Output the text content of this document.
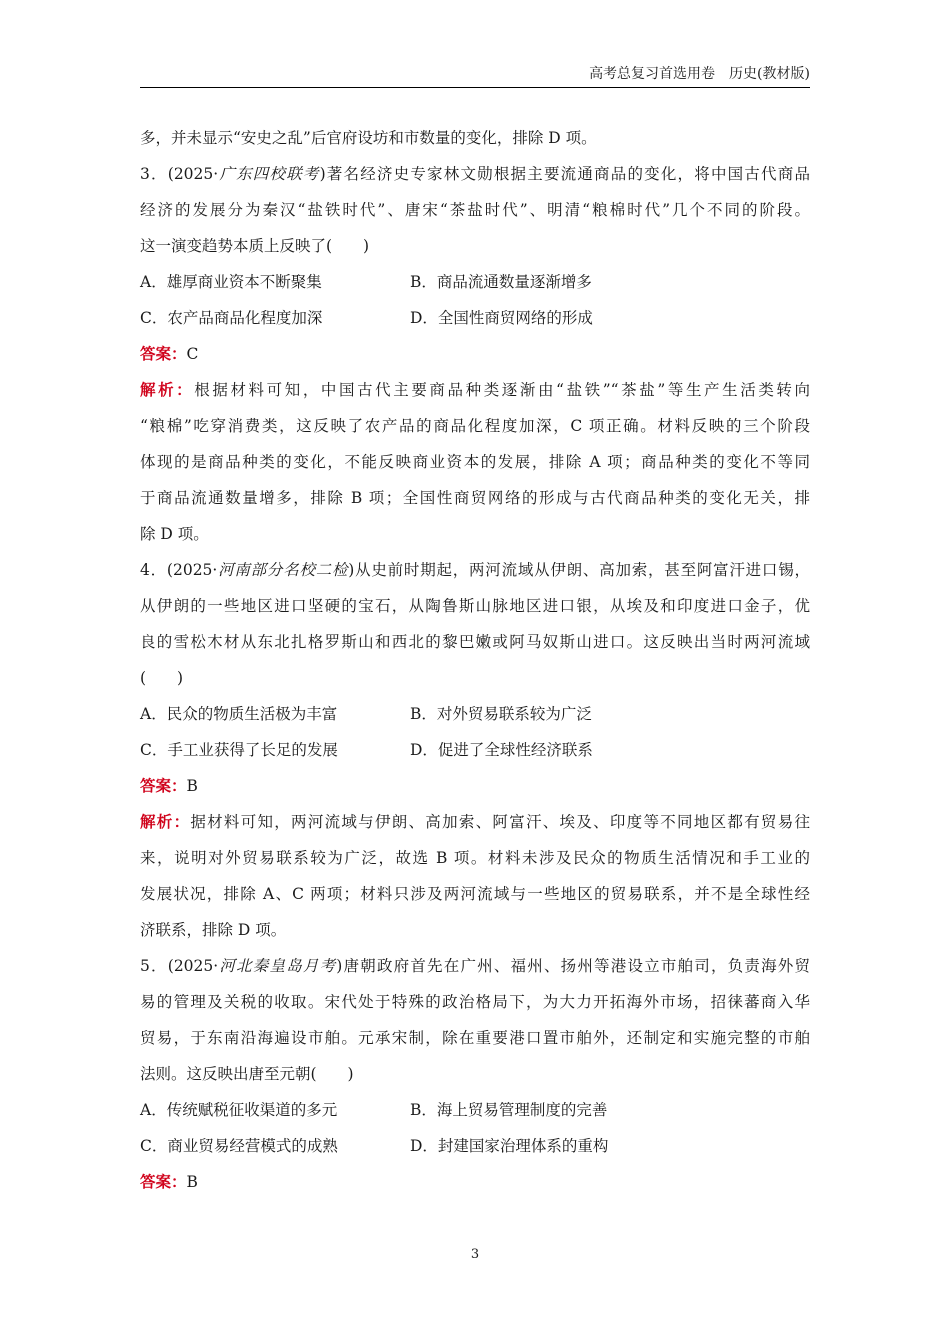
高考总复习首选用卷　历史(教材版)
多，并未显示“安史之乱”后官府设坊和市数量的变化，排除 D 项。
3．(2025·广东四校联考)著名经济史专家林文勋根据主要流通商品的变化，将中国古代商品
经济的发展分为秦汉“盐铁时代”、唐宋“茶盐时代”、明清“粮棉时代”几个不同的阶段。
这一演变趋势本质上反映了(　　)
A．雄厚商业资本不断聚集	B．商品流通数量逐渐增多
C．农产品商品化程度加深	D．全国性商贸网络的形成
答案：C
解析：根据材料可知，中国古代主要商品种类逐渐由“盐铁”“茶盐”等生产生活类转向
“粮棉”吃穿消费类，这反映了农产品的商品化程度加深，C 项正确。材料反映的三个阶段
体现的是商品种类的变化，不能反映商业资本的发展，排除 A 项；商品种类的变化不等同
于商品流通数量增多，排除 B 项；全国性商贸网络的形成与古代商品种类的变化无关，排
除 D 项。
4．(2025·河南部分名校二检)从史前时期起，两河流域从伊朗、高加索，甚至阿富汗进口锡，
从伊朗的一些地区进口坚硬的宝石，从陶鲁斯山脉地区进口银，从埃及和印度进口金子，优
良的雪松木材从东北扎格罗斯山和西北的黎巴嫩或阿马奴斯山进口。这反映出当时两河流域
(　　)
A．民众的物质生活极为丰富	B．对外贸易联系较为广泛
C．手工业获得了长足的发展	D．促进了全球性经济联系
答案：B
解析：据材料可知，两河流域与伊朗、高加索、阿富汗、埃及、印度等不同地区都有贸易往
来，说明对外贸易联系较为广泛，故选 B 项。材料未涉及民众的物质生活情况和手工业的
发展状况，排除 A、C 两项；材料只涉及两河流域与一些地区的贸易联系，并不是全球性经
济联系，排除 D 项。
5．(2025·河北秦皇岛月考)唐朝政府首先在广州、福州、扬州等港设立市舶司，负责海外贸
易的管理及关税的收取。宋代处于特殊的政治格局下，为大力开拓海外市场，招徕蕃商入华
贸易，于东南沿海遍设市舶。元承宋制，除在重要港口置市舶外，还制定和实施完整的市舶
法则。这反映出唐至元朝(　　)
A．传统赋税征收渠道的多元	B．海上贸易管理制度的完善
C．商业贸易经营模式的成熟	D．封建国家治理体系的重构
答案：B
3
